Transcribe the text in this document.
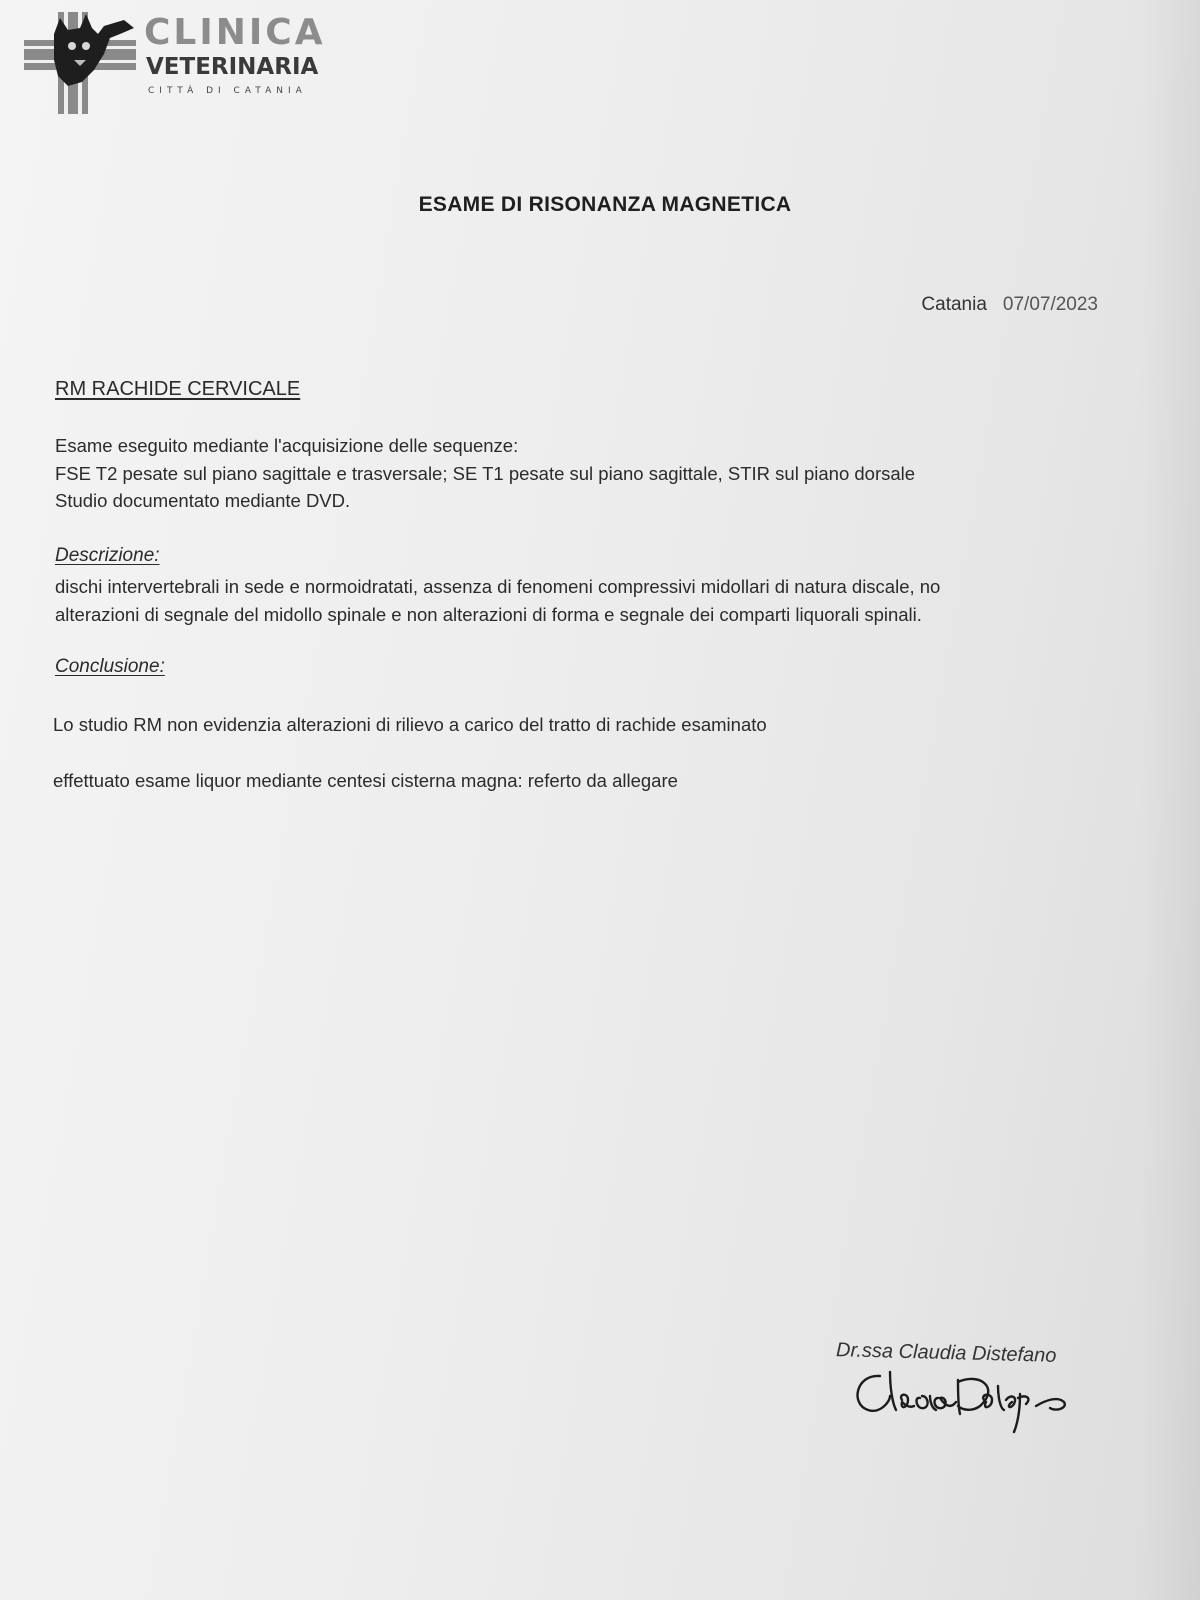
CLINICA
VETERINARIA
CITTÀ DI CATANIA
ESAME DI RISONANZA MAGNETICA
Catania 07/07/2023
RM RACHIDE CERVICALE
Esame eseguito mediante l'acquisizione delle sequenze:
FSE T2 pesate sul piano sagittale e trasversale; SE T1 pesate sul piano sagittale, STIR sul piano dorsale
Studio documentato mediante DVD.
Descrizione:
dischi intervertebrali in sede e normoidratati, assenza di fenomeni compressivi midollari di natura discale, no
alterazioni di segnale del midollo spinale e non alterazioni di forma e segnale dei comparti liquorali spinali.
Conclusione:
Lo studio RM non evidenzia alterazioni di rilievo a carico del tratto di rachide esaminato
effettuato esame liquor mediante centesi cisterna magna: referto da allegare
Dr.ssa Claudia Distefano
